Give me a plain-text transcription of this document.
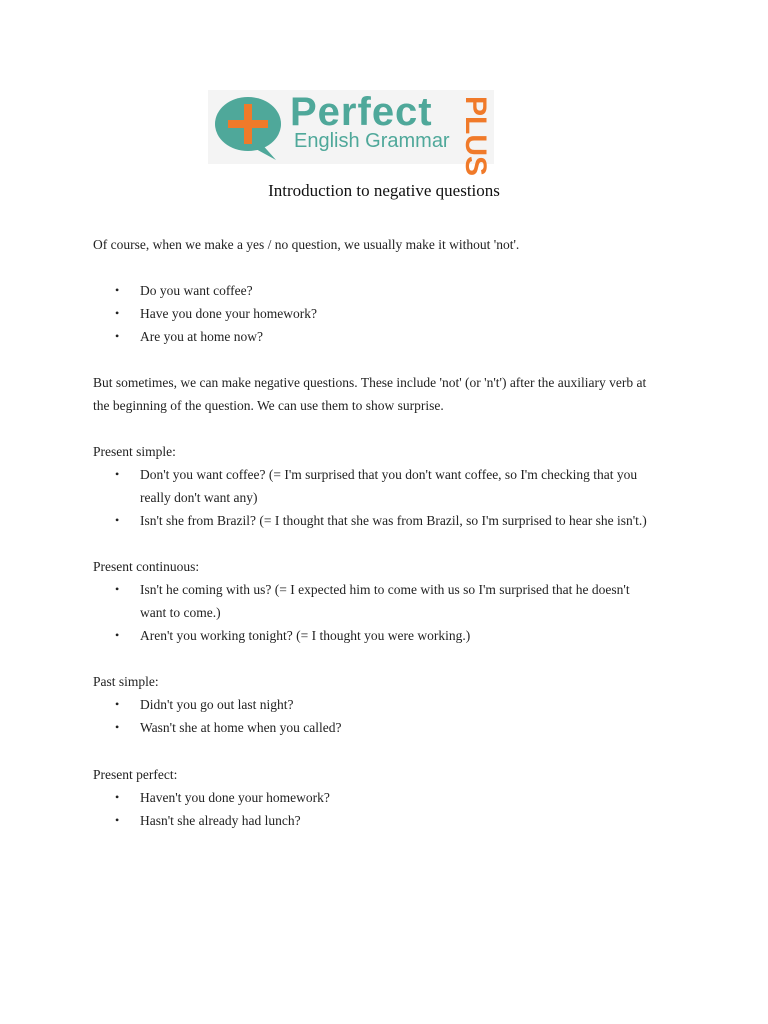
Perfect
English Grammar PLUS
Introduction to negative questions

Of course, when we make a yes / no question, we usually make it without 'not'.

• Do you want coffee?
• Have you done your homework?
• Are you at home now?
But sometimes, we can make negative questions. These include 'not' (or 'n't') after the auxiliary verb at
the beginning of the question. We can use them to show surprise.
Present simple:
• Don't you want coffee? (= I'm surprised that you don't want coffee, so I'm checking that you
really don't want any)
• Isn't she from Brazil? (= I thought that she was from Brazil, so I'm surprised to hear she isn't.)
Present continuous:
• Isn't he coming with us? (= I expected him to come with us so I'm surprised that he doesn't
want to come.)
• Aren't you working tonight? (= I thought you were working.)
Past simple:
• Didn't you go out last night?
• Wasn't she at home when you called?
Present perfect:
• Haven't you done your homework?
• Hasn't she already had lunch?
